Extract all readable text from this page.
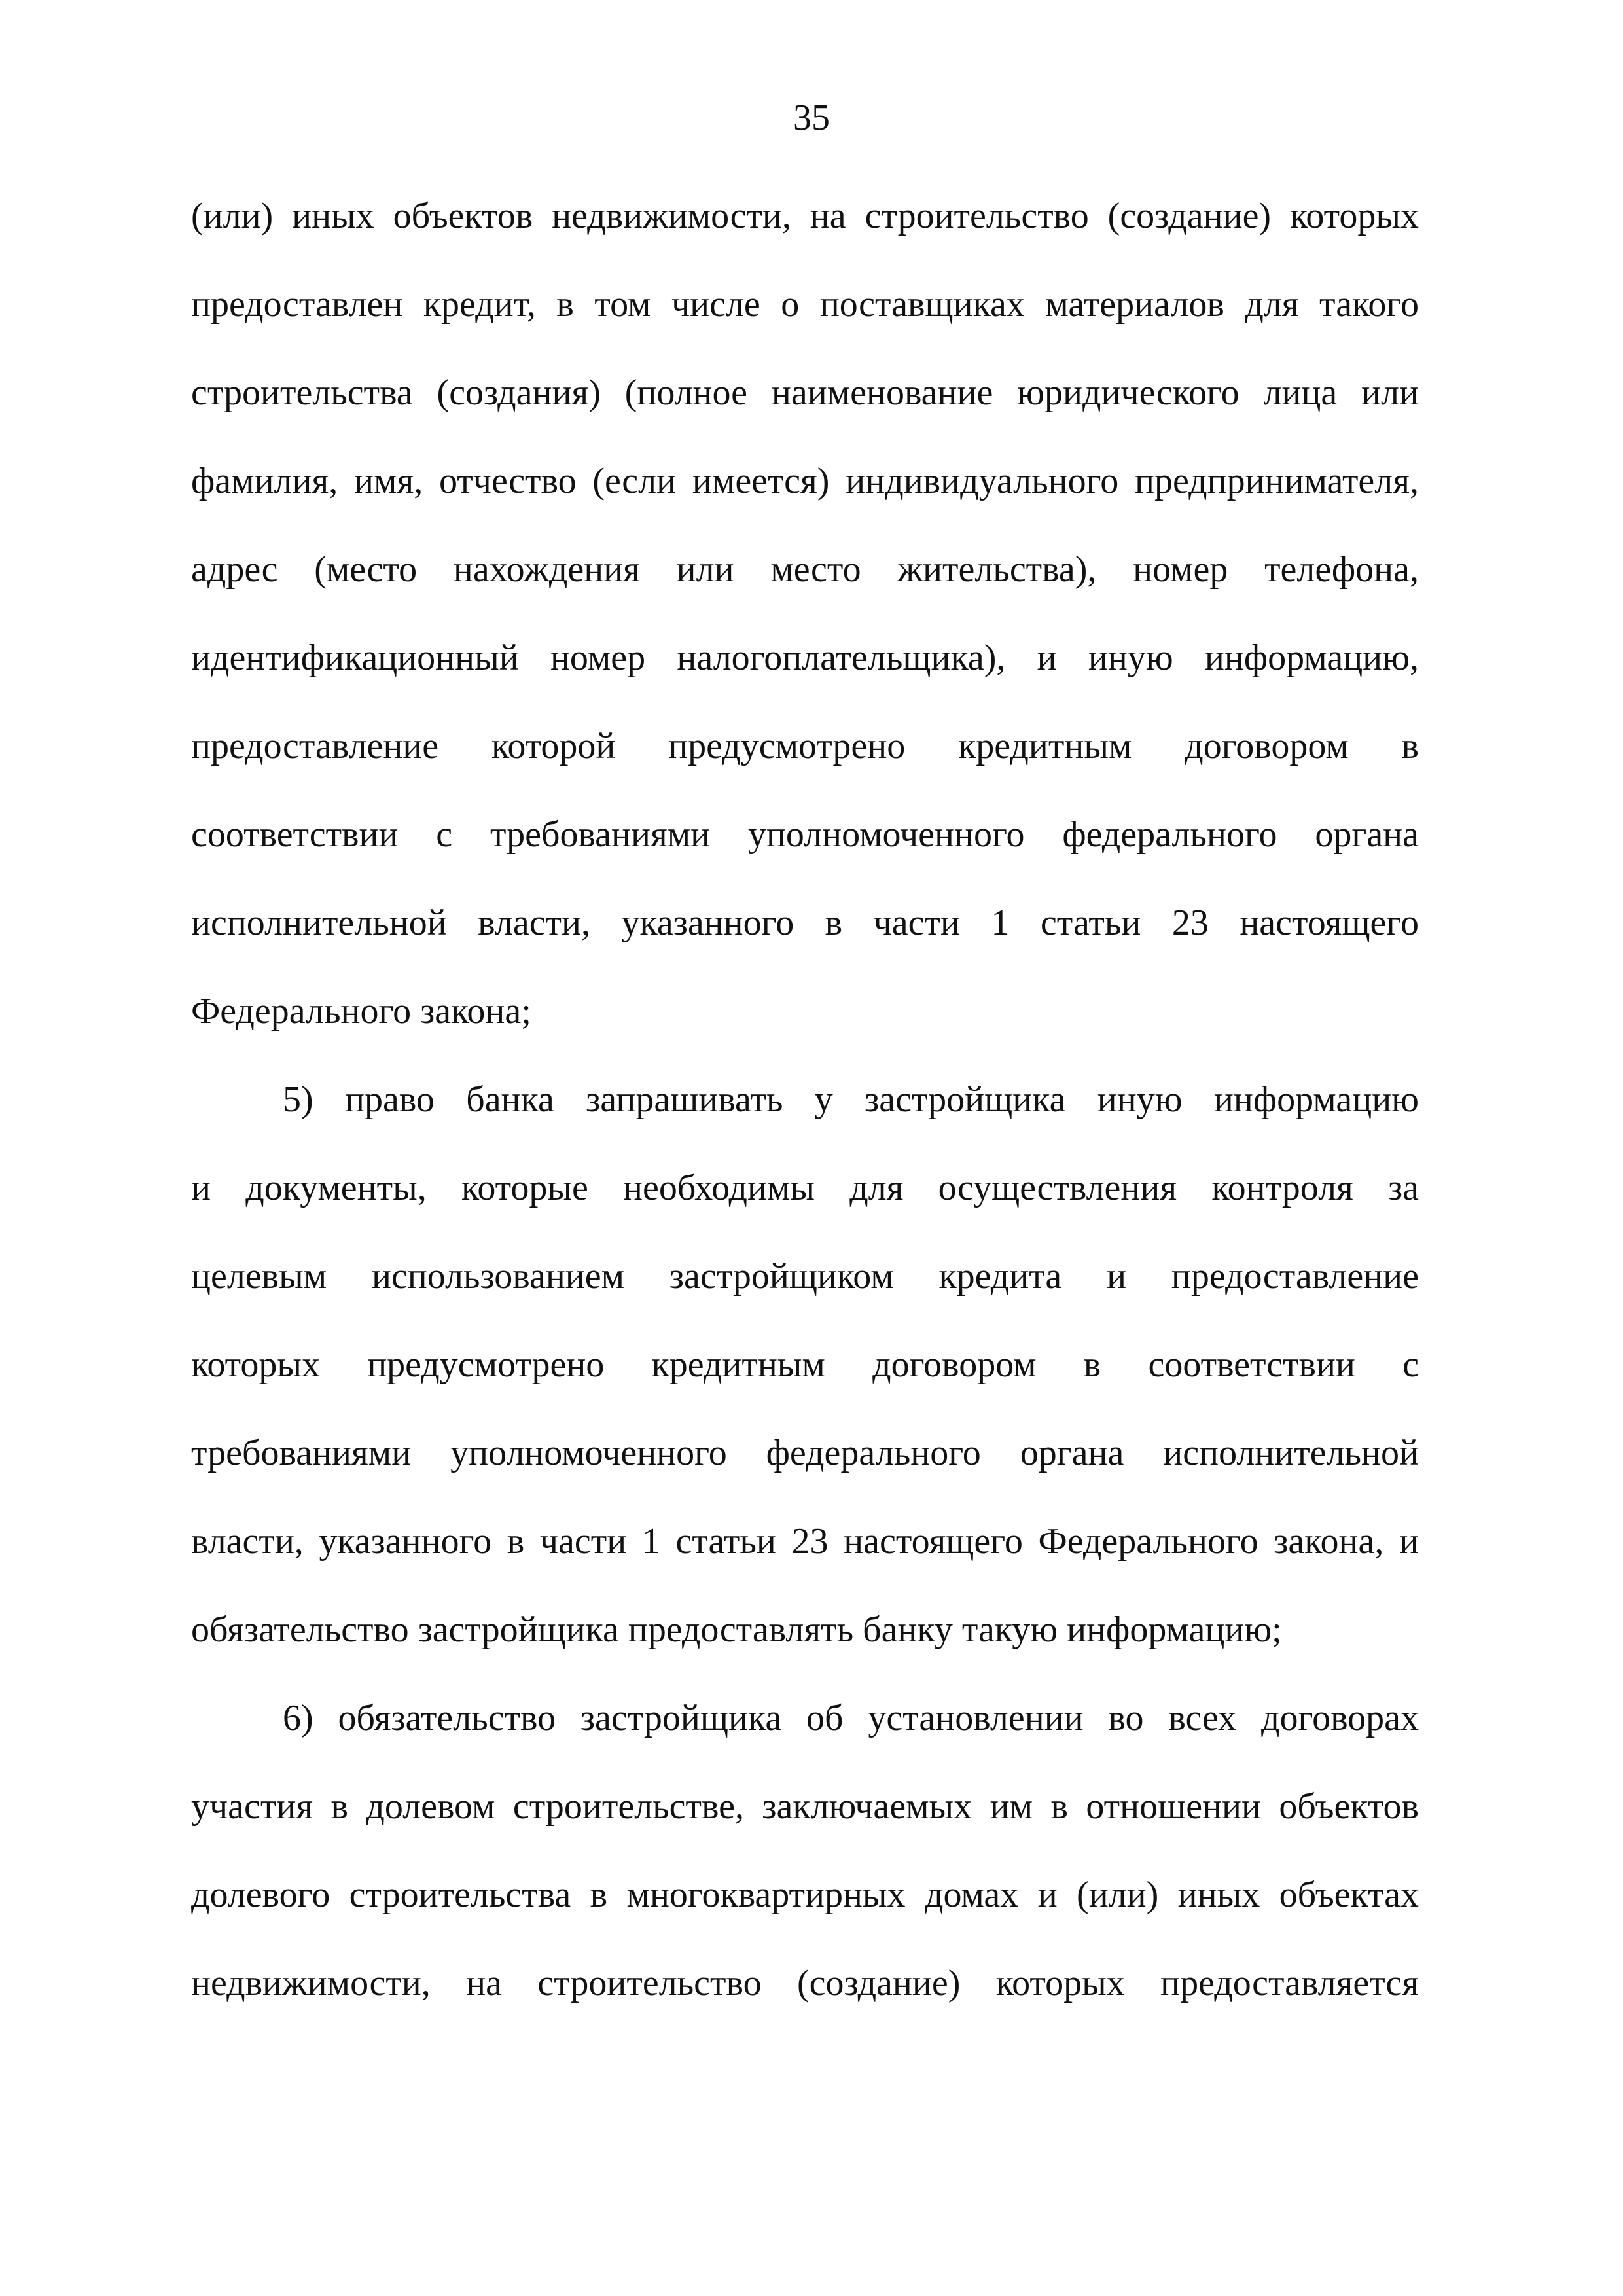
35
(или) иных объектов недвижимости, на строительство (создание) которых
предоставлен кредит, в том числе о поставщиках материалов для такого
строительства (создания) (полное наименование юридического лица или
фамилия, имя, отчество (если имеется) индивидуального предпринимателя,
адрес (место нахождения или место жительства), номер телефона,
идентификационный номер налогоплательщика), и иную информацию,
предоставление которой предусмотрено кредитным договором в
соответствии с требованиями уполномоченного федерального органа
исполнительной власти, указанного в части 1 статьи 23 настоящего
Федерального закона;
5) право банка запрашивать у застройщика иную информацию
и документы, которые необходимы для осуществления контроля за
целевым использованием застройщиком кредита и предоставление
которых предусмотрено кредитным договором в соответствии с
требованиями уполномоченного федерального органа исполнительной
власти, указанного в части 1 статьи 23 настоящего Федерального закона, и
обязательство застройщика предоставлять банку такую информацию;
6) обязательство застройщика об установлении во всех договорах
участия в долевом строительстве, заключаемых им в отношении объектов
долевого строительства в многоквартирных домах и (или) иных объектах
недвижимости, на строительство (создание) которых предоставляется
